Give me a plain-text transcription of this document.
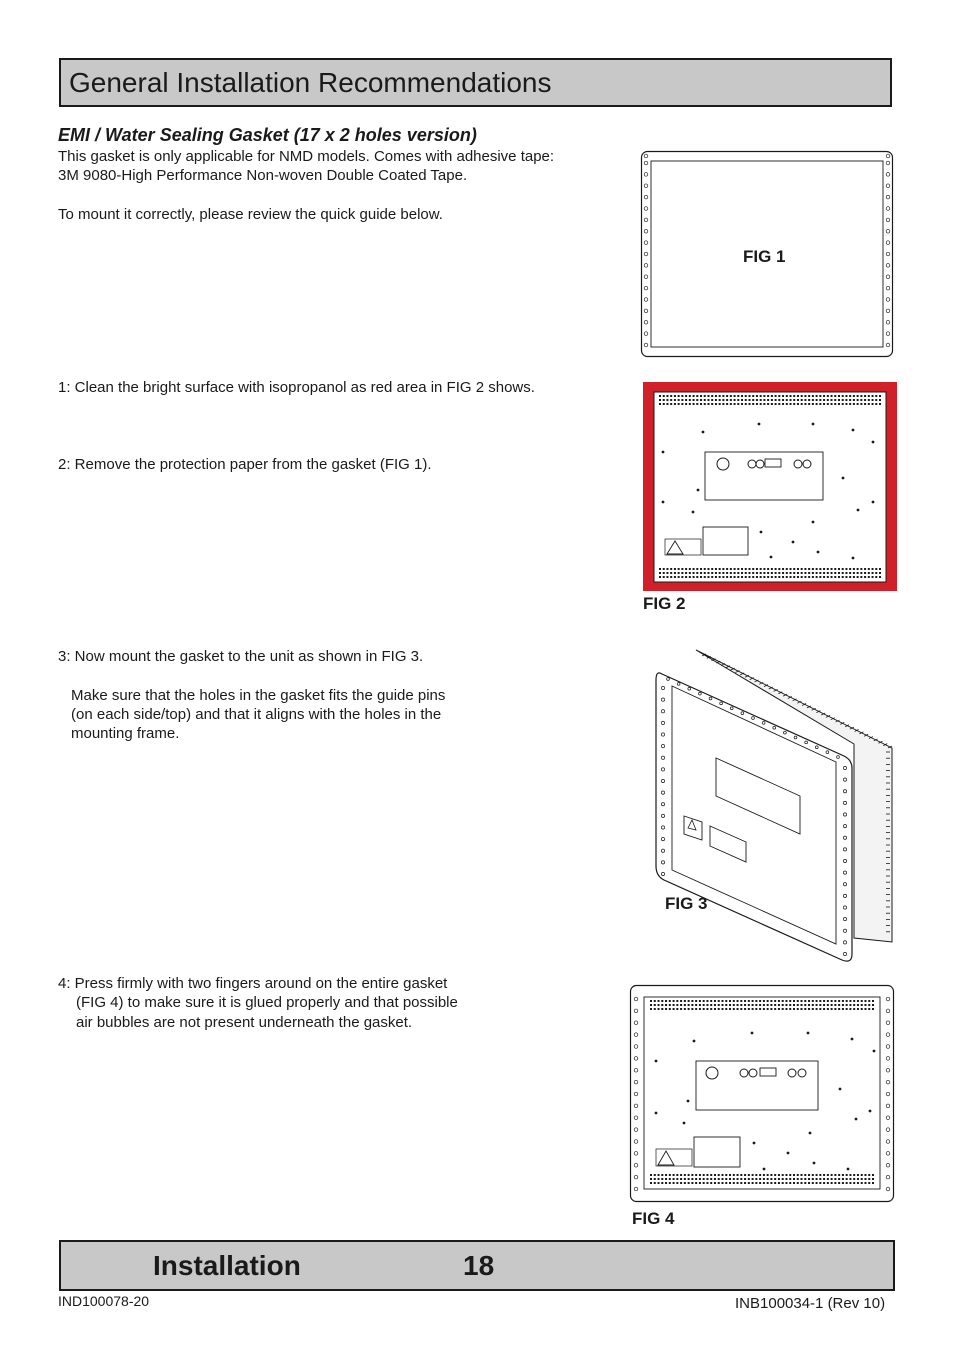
General Installation Recommendations
EMI / Water Sealing Gasket (17 x 2 holes version)
This gasket is only applicable for NMD models. Comes with adhesive tape:
3M 9080-High Performance Non-woven Double Coated Tape.
To mount it correctly, please review the quick guide below.
1: Clean the bright surface with isopropanol as red area in FIG 2 shows.
2: Remove the protection paper from the gasket (FIG 1).
3: Now mount the gasket to the unit as shown in FIG 3.
Make sure that the holes in the gasket fits the guide pins
(on each side/top) and that it aligns with the holes in the
mounting frame.
4: Press firmly with two fingers around on the entire gasket
(FIG 4) to make sure it is glued properly and that possible
air bubbles are not present underneath the gasket.
FIG 1
FIG 2
FIG 3
FIG 4
Installation	18
IND100078-20	INB100034-1 (Rev 10)
